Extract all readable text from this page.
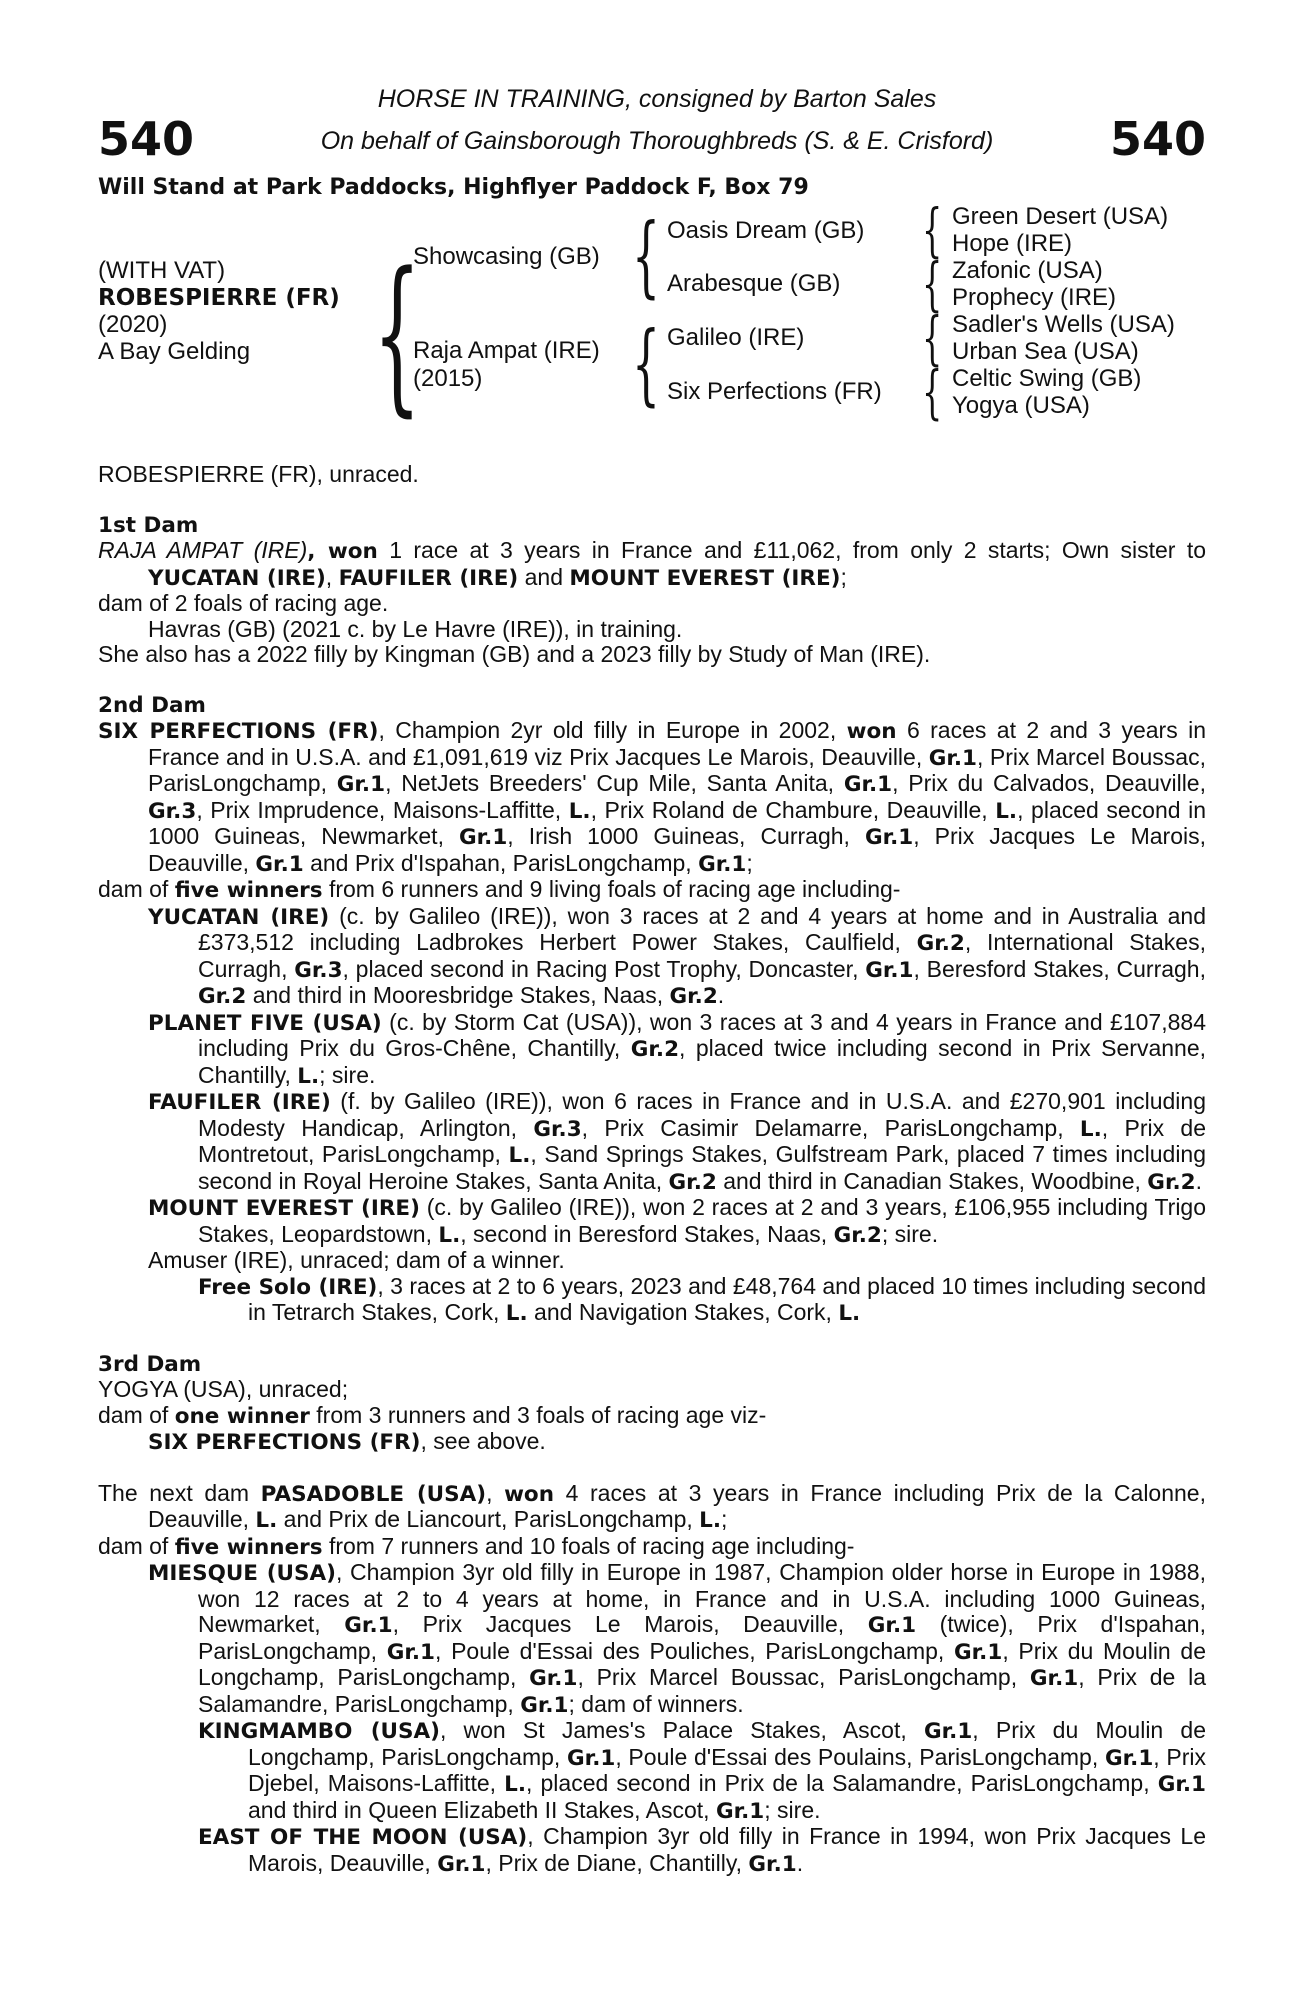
540	540
HORSE IN TRAINING, consigned by Barton Sales
On behalf of Gainsborough Thoroughbreds (S. & E. Crisford)
Will Stand at Park Paddocks, Highflyer Paddock F, Box 79
(WITH VAT)
ROBESPIERRE (FR)
(2020)
A Bay Gelding {
Showcasing (GB)
Raja Ampat (IRE)
(2015)
{
{
Oasis Dream (GB)
Arabesque (GB)
Galileo (IRE)
Six Perfections (FR)
{
{
{
{
Green Desert (USA)
Hope (IRE)
Zafonic (USA)
Prophecy (IRE)
Sadler's Wells (USA)
Urban Sea (USA)
Celtic Swing (GB)
Yogya (USA)

ROBESPIERRE (FR), unraced.

1st Dam

RAJA AMPAT (IRE), won 1 race at 3 years in France and £11,062, from only 2 starts; Own sister to YUCATAN (IRE), FAUFILER (IRE) and MOUNT EVEREST (IRE);

dam of 2 foals of racing age.

Havras (GB) (2021 c. by Le Havre (IRE)), in training.

She also has a 2022 filly by Kingman (GB) and a 2023 filly by Study of Man (IRE).

2nd Dam

SIX PERFECTIONS (FR), Champion 2yr old filly in Europe in 2002, won 6 races at 2 and 3 years in France and in U.S.A. and £1,091,619 viz Prix Jacques Le Marois, Deauville, Gr.1, Prix Marcel Boussac, ParisLongchamp, Gr.1, NetJets Breeders' Cup Mile, Santa Anita, Gr.1, Prix du Calvados, Deauville, Gr.3, Prix Imprudence, Maisons-Laffitte, L., Prix Roland de Chambure, Deauville, L., placed second in 1000 Guineas, Newmarket, Gr.1, Irish 1000 Guineas, Curragh, Gr.1, Prix Jacques Le Marois, Deauville, Gr.1 and Prix d'Ispahan, ParisLongchamp, Gr.1;

dam of five winners from 6 runners and 9 living foals of racing age including-

YUCATAN (IRE) (c. by Galileo (IRE)), won 3 races at 2 and 4 years at home and in Australia and £373,512 including Ladbrokes Herbert Power Stakes, Caulfield, Gr.2, International Stakes, Curragh, Gr.3, placed second in Racing Post Trophy, Doncaster, Gr.1, Beresford Stakes, Curragh, Gr.2 and third in Mooresbridge Stakes, Naas, Gr.2.

PLANET FIVE (USA) (c. by Storm Cat (USA)), won 3 races at 3 and 4 years in France and £107,884 including Prix du Gros-Chêne, Chantilly, Gr.2, placed twice including second in Prix Servanne, Chantilly, L.; sire.

FAUFILER (IRE) (f. by Galileo (IRE)), won 6 races in France and in U.S.A. and £270,901 including Modesty Handicap, Arlington, Gr.3, Prix Casimir Delamarre, ParisLongchamp, L., Prix de Montretout, ParisLongchamp, L., Sand Springs Stakes, Gulfstream Park, placed 7 times including second in Royal Heroine Stakes, Santa Anita, Gr.2 and third in Canadian Stakes, Woodbine, Gr.2.

MOUNT EVEREST (IRE) (c. by Galileo (IRE)), won 2 races at 2 and 3 years, £106,955 including Trigo Stakes, Leopardstown, L., second in Beresford Stakes, Naas, Gr.2; sire.

Amuser (IRE), unraced; dam of a winner.

Free Solo (IRE), 3 races at 2 to 6 years, 2023 and £48,764 and placed 10 times including second in Tetrarch Stakes, Cork, L. and Navigation Stakes, Cork, L.

3rd Dam

YOGYA (USA), unraced;

dam of one winner from 3 runners and 3 foals of racing age viz-

SIX PERFECTIONS (FR), see above.

The next dam PASADOBLE (USA), won 4 races at 3 years in France including Prix de la Calonne, Deauville, L. and Prix de Liancourt, ParisLongchamp, L.;

dam of five winners from 7 runners and 10 foals of racing age including-

MIESQUE (USA), Champion 3yr old filly in Europe in 1987, Champion older horse in Europe in 1988, won 12 races at 2 to 4 years at home, in France and in U.S.A. including 1000 Guineas, Newmarket, Gr.1, Prix Jacques Le Marois, Deauville, Gr.1 (twice), Prix d'Ispahan, ParisLongchamp, Gr.1, Poule d'Essai des Pouliches, ParisLongchamp, Gr.1, Prix du Moulin de Longchamp, ParisLongchamp, Gr.1, Prix Marcel Boussac, ParisLongchamp, Gr.1, Prix de la Salamandre, ParisLongchamp, Gr.1; dam of winners.

KINGMAMBO (USA), won St James's Palace Stakes, Ascot, Gr.1, Prix du Moulin de Longchamp, ParisLongchamp, Gr.1, Poule d'Essai des Poulains, ParisLongchamp, Gr.1, Prix Djebel, Maisons-Laffitte, L., placed second in Prix de la Salamandre, ParisLongchamp, Gr.1 and third in Queen Elizabeth II Stakes, Ascot, Gr.1; sire.

EAST OF THE MOON (USA), Champion 3yr old filly in France in 1994, won Prix Jacques Le Marois, Deauville, Gr.1, Prix de Diane, Chantilly, Gr.1.
